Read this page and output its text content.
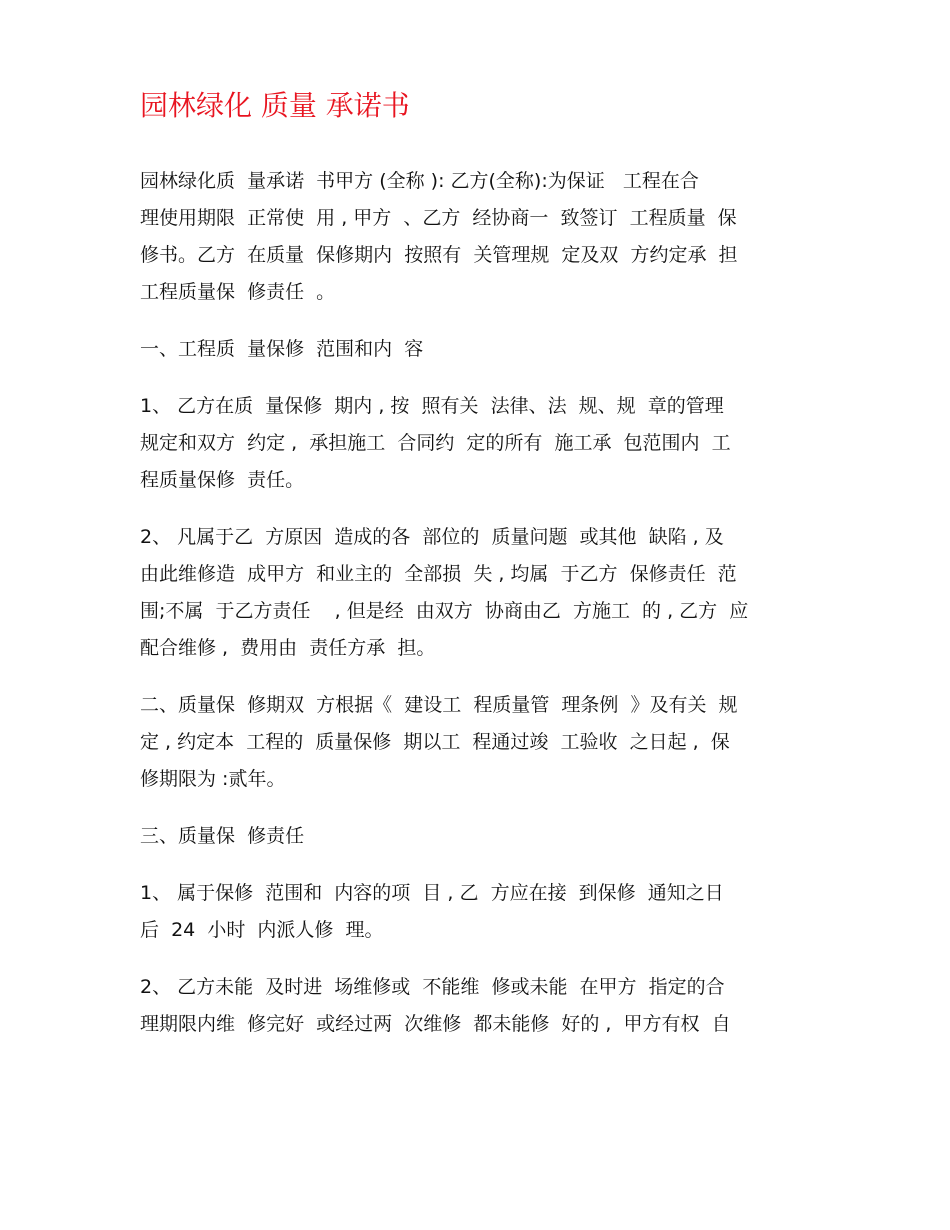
园林绿化 质量 承诺书

园林绿化质  量承诺  书甲方 (全称 ): 乙方(全称):为保证   工程在合
理使用期限  正常使  用 , 甲方  、乙方  经协商一  致签订  工程质量  保
修书。乙方  在质量  保修期内  按照有  关管理规  定及双  方约定承  担
工程质量保  修责任  。

一、工程质  量保修  范围和内  容

1、 乙方在质  量保修  期内 , 按  照有关  法律、法  规、规  章的管理
规定和双方  约定 ,  承担施工  合同约  定的所有  施工承  包范围内  工
程质量保修  责任。

2、 凡属于乙  方原因  造成的各  部位的  质量问题  或其他  缺陷 , 及
由此维修造  成甲方  和业主的  全部损  失 , 均属  于乙方  保修责任  范
围;不属  于乙方责任    , 但是经  由双方  协商由乙  方施工  的 , 乙方  应
配合维修 ,  费用由  责任方承  担。

二、质量保  修期双  方根据《  建设工  程质量管  理条例  》及有关  规
定 , 约定本  工程的  质量保修  期以工  程通过竣  工验收  之日起 ,  保
修期限为 :贰年。

三、质量保  修责任

1、 属于保修  范围和  内容的项  目 , 乙  方应在接  到保修  通知之日
后  24  小时  内派人修  理。

2、 乙方未能  及时进  场维修或  不能维  修或未能  在甲方  指定的合
理期限内维  修完好  或经过两  次维修  都未能修  好的 ,  甲方有权  自
